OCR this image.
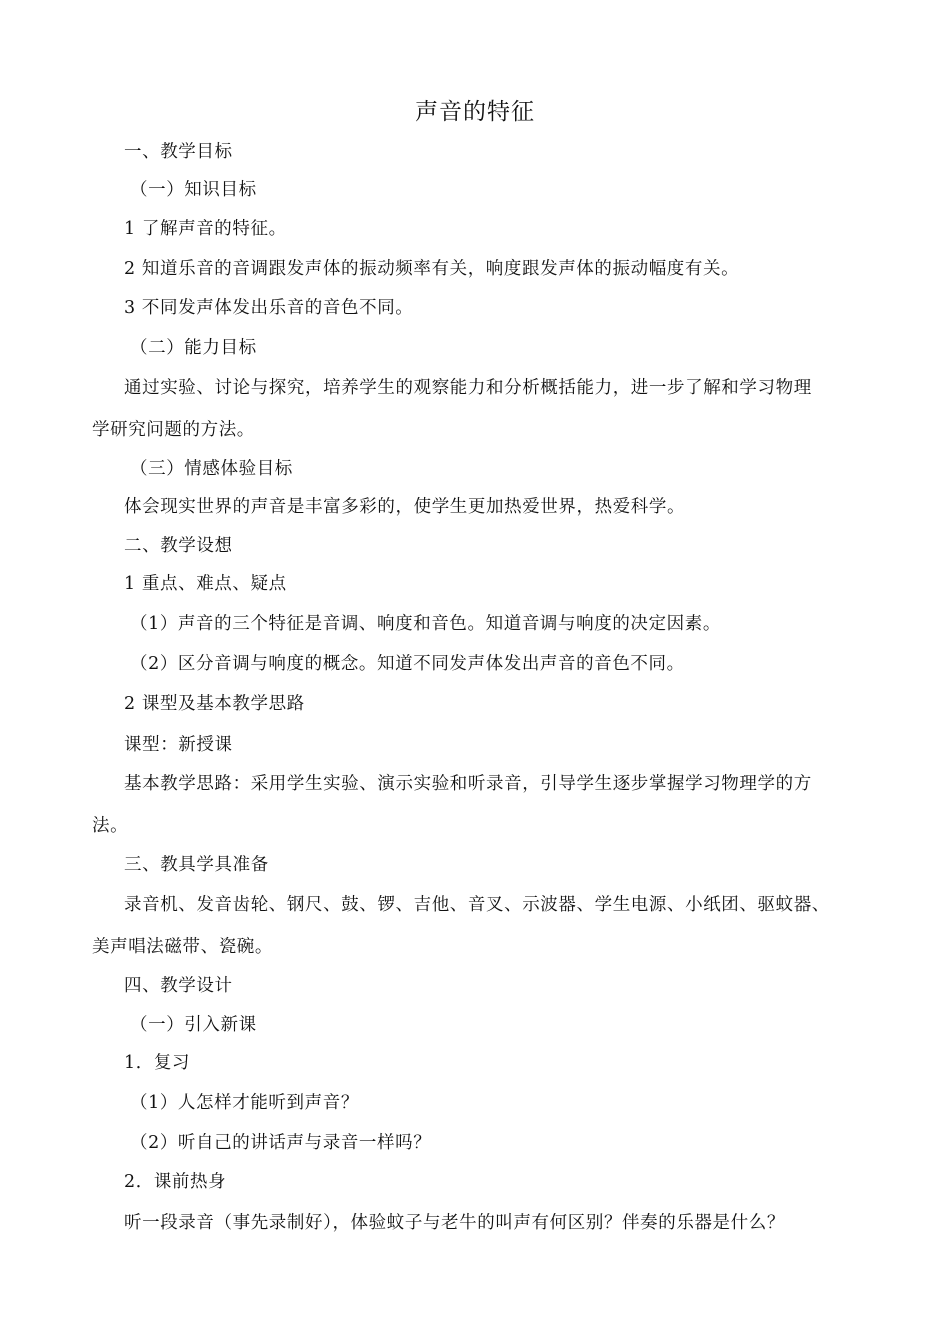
声音的特征
一、教学目标
（一）知识目标
1 了解声音的特征。
2 知道乐音的音调跟发声体的振动频率有关，响度跟发声体的振动幅度有关。
3 不同发声体发出乐音的音色不同。
（二）能力目标
通过实验、讨论与探究，培养学生的观察能力和分析概括能力，进一步了解和学习物理
学研究问题的方法。
（三）情感体验目标
体会现实世界的声音是丰富多彩的，使学生更加热爱世界，热爱科学。
二、教学设想
1 重点、难点、疑点
（1）声音的三个特征是音调、响度和音色。知道音调与响度的决定因素。
（2）区分音调与响度的概念。知道不同发声体发出声音的音色不同。
2 课型及基本教学思路
课型：新授课
基本教学思路：采用学生实验、演示实验和听录音，引导学生逐步掌握学习物理学的方
法。
三、教具学具准备
录音机、发音齿轮、钢尺、鼓、锣、吉他、音叉、示波器、学生电源、小纸团、驱蚊器、
美声唱法磁带、瓷碗。
四、教学设计
（一）引入新课
1．复习
（1）人怎样才能听到声音？
（2）听自己的讲话声与录音一样吗？
2．课前热身
听一段录音（事先录制好），体验蚊子与老牛的叫声有何区别？伴奏的乐器是什么？
